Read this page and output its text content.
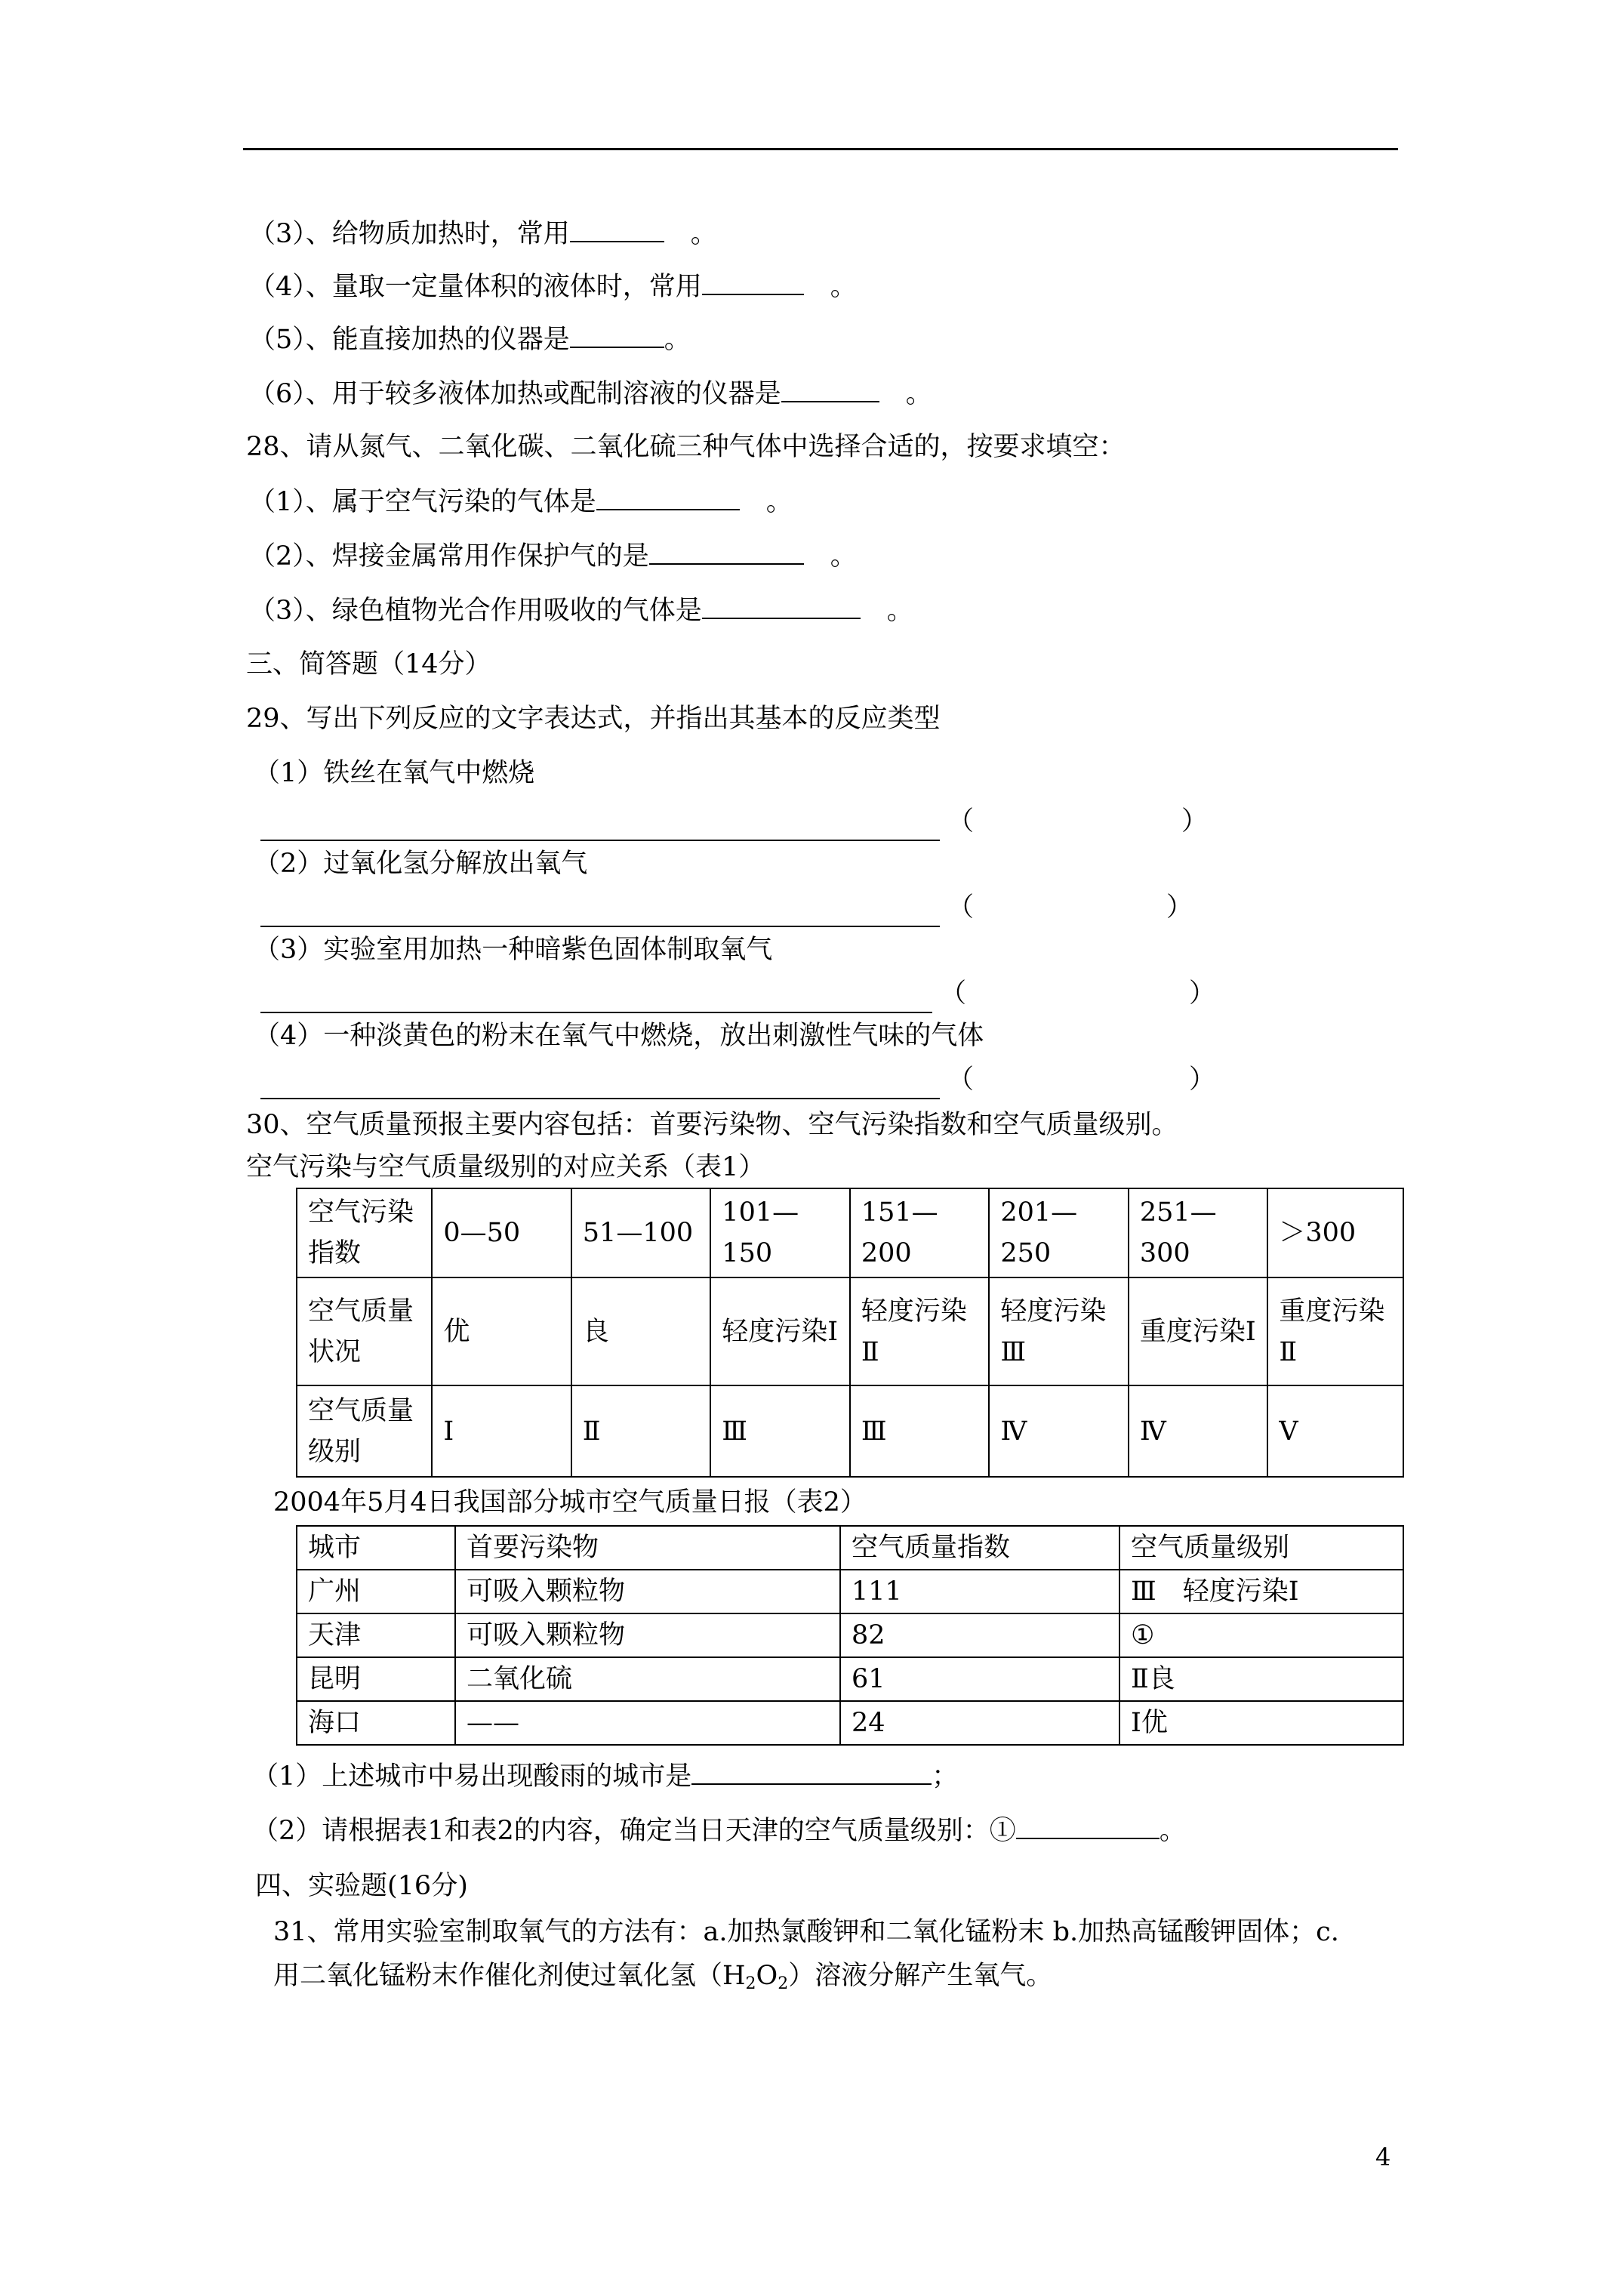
（3）、给物质加热时，常用　	。
（4）、量取一定量体积的液体时，常用　	。
（5）、能直接加热的仪器是	。
（6）、用于较多液体加热或配制溶液的仪器是　	。
28、请从氮气、二氧化碳、二氧化硫三种气体中选择合适的，按要求填空：
（1）、属于空气污染的气体是　	。
（2）、焊接金属常用作保护气的是　	。
（3）、绿色植物光合作用吸收的气体是　	。
三、简答题（14分）
29、写出下列反应的文字表达式，并指出其基本的反应类型
（1）铁丝在氧气中燃烧
（	）
（2）过氧化氢分解放出氧气
（	）
（3）实验室用加热一种暗紫色固体制取氧气
（	）
（4）一种淡黄色的粉末在氧气中燃烧，放出刺激性气味的气体
（	）
30、空气质量预报主要内容包括：首要污染物、空气污染指数和空气质量级别。
空气污染与空气质量级别的对应关系（表1）
空气污染指数	0—50	51—100	101—150	151—200	201—250	251—300	＞300
空气质量状况	优	良	轻度污染Ⅰ	轻度污染Ⅱ	轻度污染Ⅲ	重度污染Ⅰ	重度污染Ⅱ
空气质量级别	Ⅰ	Ⅱ	Ⅲ	Ⅲ	Ⅳ	Ⅳ	Ⅴ
2004年5月4日我国部分城市空气质量日报（表2）
城市	首要污染物	空气质量指数	空气质量级别
广州	可吸入颗粒物	111	Ⅲ　轻度污染Ⅰ
天津	可吸入颗粒物	82	①
昆明	二氧化硫	61	Ⅱ良
海口	——	24	Ⅰ优
（1）上述城市中易出现酸雨的城市是	；
（2）请根据表1和表2的内容，确定当日天津的空气质量级别：①	。
四、实验题(16分)
31、常用实验室制取氧气的方法有：a.加热氯酸钾和二氧化锰粉末 b.加热高锰酸钾固体；c.
用二氧化锰粉末作催化剂使过氧化氢$(H_2O_2)$溶液分解产生氧气。
4
